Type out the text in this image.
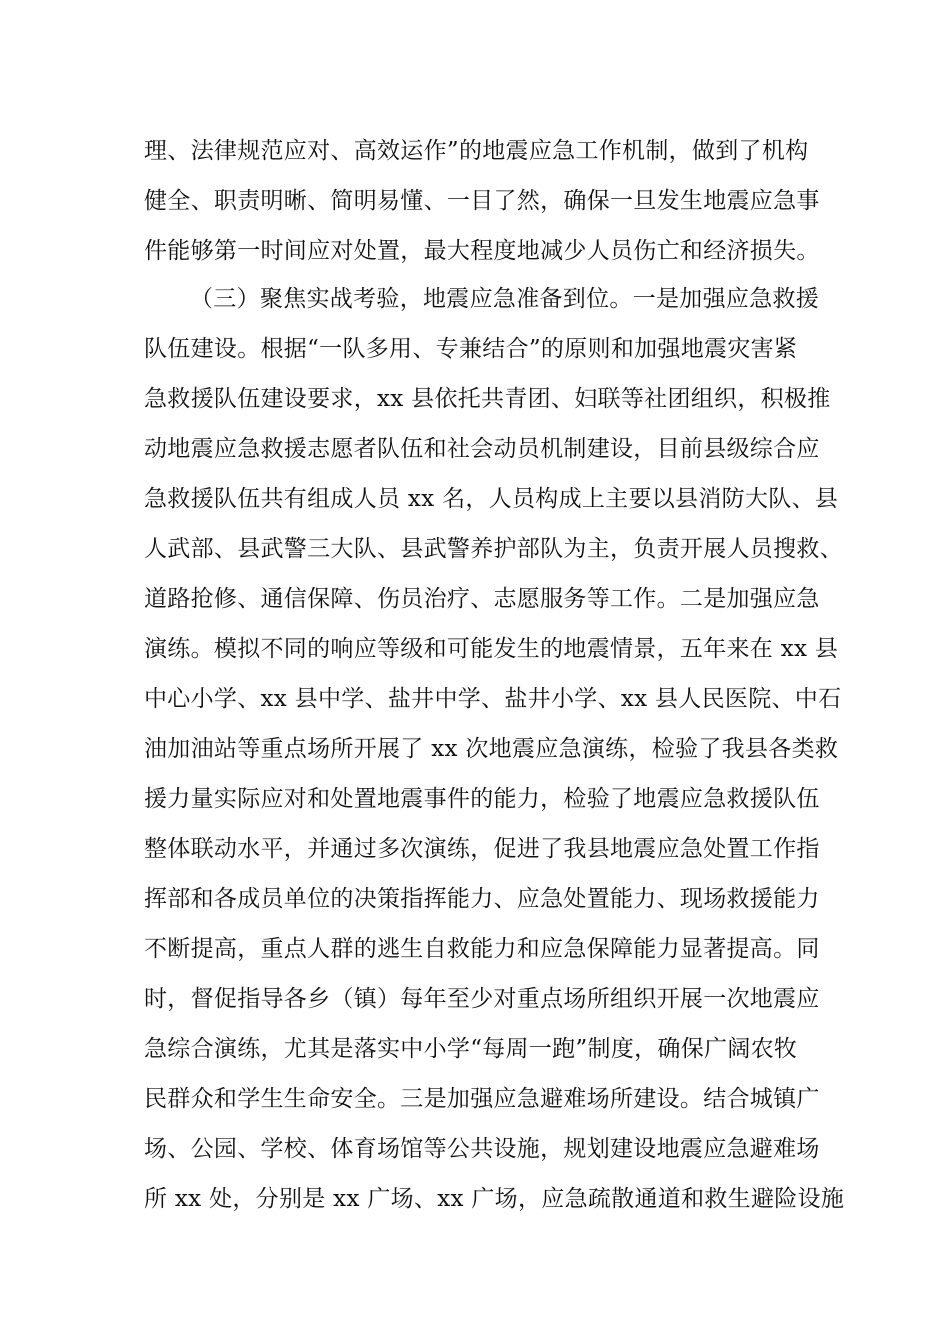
理、法律规范应对、高效运作”的地震应急工作机制，做到了机构
健全、职责明晰、简明易懂、一目了然，确保一旦发生地震应急事
件能够第一时间应对处置，最大程度地减少人员伤亡和经济损失。
（三）聚焦实战考验，地震应急准备到位。一是加强应急救援
队伍建设。根据“一队多用、专兼结合”的原则和加强地震灾害紧
急救援队伍建设要求，xx 县依托共青团、妇联等社团组织，积极推
动地震应急救援志愿者队伍和社会动员机制建设，目前县级综合应
急救援队伍共有组成人员 xx 名，人员构成上主要以县消防大队、县
人武部、县武警三大队、县武警养护部队为主，负责开展人员搜救、
道路抢修、通信保障、伤员治疗、志愿服务等工作。二是加强应急
演练。模拟不同的响应等级和可能发生的地震情景，五年来在 xx 县
中心小学、xx 县中学、盐井中学、盐井小学、xx 县人民医院、中石
油加油站等重点场所开展了 xx 次地震应急演练，检验了我县各类救
援力量实际应对和处置地震事件的能力，检验了地震应急救援队伍
整体联动水平，并通过多次演练，促进了我县地震应急处置工作指
挥部和各成员单位的决策指挥能力、应急处置能力、现场救援能力
不断提高，重点人群的逃生自救能力和应急保障能力显著提高。同
时，督促指导各乡（镇）每年至少对重点场所组织开展一次地震应
急综合演练，尤其是落实中小学“每周一跑”制度，确保广阔农牧
民群众和学生生命安全。三是加强应急避难场所建设。结合城镇广
场、公园、学校、体育场馆等公共设施，规划建设地震应急避难场
所 xx 处，分别是 xx 广场、xx 广场，应急疏散通道和救生避险设施
